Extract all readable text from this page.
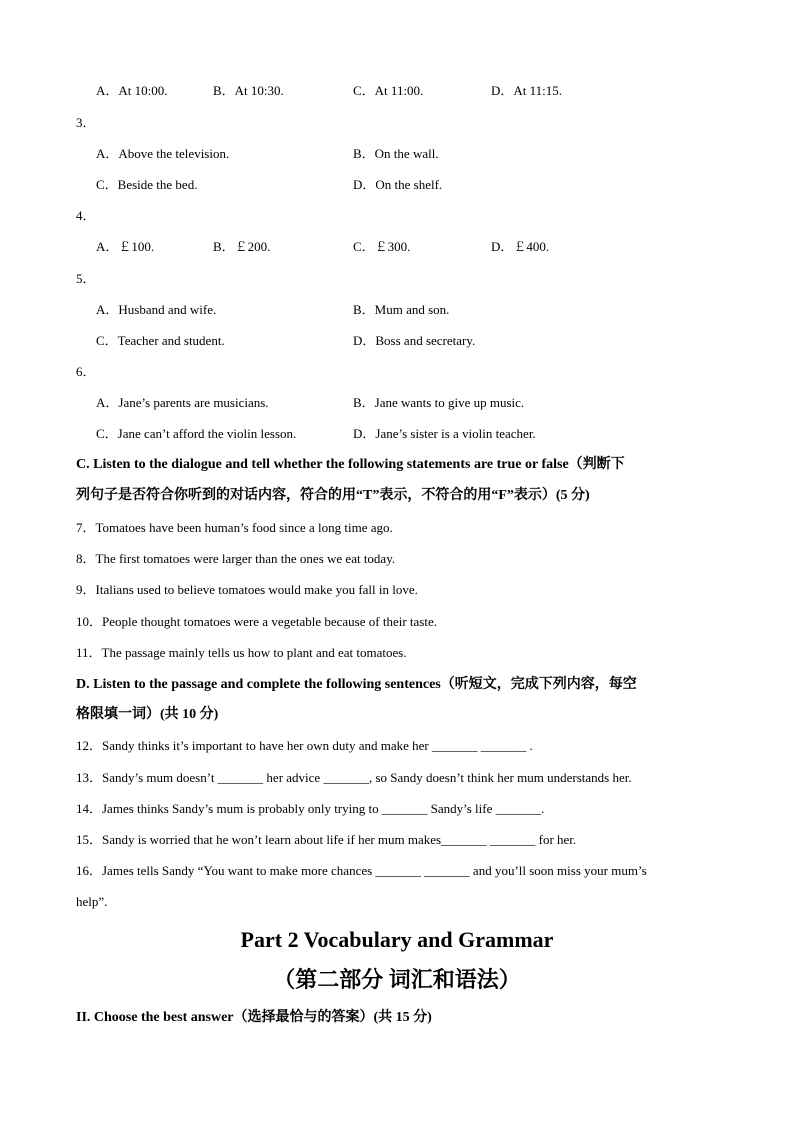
A．At 10:00.	B．At 10:30.	C．At 11:00.	D．At 11:15.
3．
A．Above the television.	B．On the wall.
C．Beside the bed.	D．On the shelf.
4．
A．￡100.	B．￡200.	C．￡300.	D．￡400.
5．
A．Husband and wife.	B．Mum and son.
C．Teacher and student.	D．Boss and secretary.
6．
A．Jane’s parents are musicians.	B．Jane wants to give up music.
C．Jane can’t afford the violin lesson.	D．Jane’s sister is a violin teacher.
C. Listen to the dialogue and tell whether the following statements are true or false（判断下
列句子是否符合你听到的对话内容，符合的用“T”表示，不符合的用“F”表示）(5 分)
7．Tomatoes have been human’s food since a long time ago.
8．The first tomatoes were larger than the ones we eat today.
9．Italians used to believe tomatoes would make you fall in love.
10．People thought tomatoes were a vegetable because of their taste.
11．The passage mainly tells us how to plant and eat tomatoes.
D. Listen to the passage and complete the following sentences（听短文，完成下列内容，每空
格限填一词）(共 10 分)
12．Sandy thinks it’s important to have her own duty and make her _______ _______ .
13．Sandy’s mum doesn’t _______ her advice _______, so Sandy doesn’t think her mum understands her.
14．James thinks Sandy’s mum is probably only trying to _______ Sandy’s life _______.
15．Sandy is worried that he won’t learn about life if her mum makes_______ _______ for her.
16．James tells Sandy “You want to make more chances _______ _______ and you’ll soon miss your mum’s
help”.
Part 2 Vocabulary and Grammar
（第二部分 词汇和语法）
II. Choose the best answer（选择最恰与的答案）(共 15 分)
